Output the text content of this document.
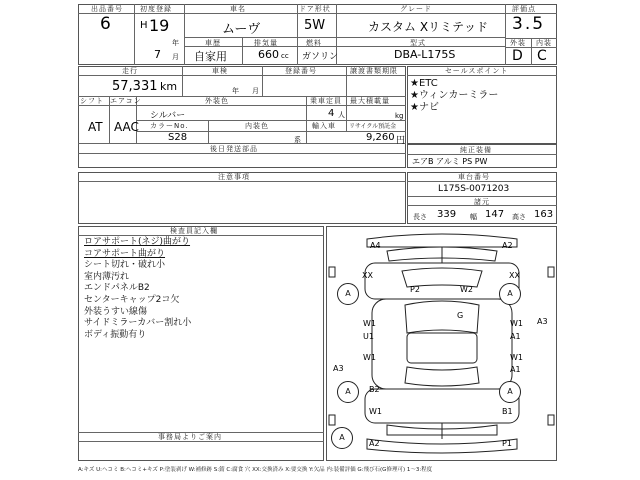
出品番号
6
初度登録
H 19
年
7 月
車名
ムーヴ
ドア形状
5W
グレード
カスタム Xリミテッド
評価点
3.5
車歴
自家用
排気量
660 cc
燃料
ガソリン
型式
DBA-L175S
外装 内装
D C
セールスポイント
★ETC
★ウィンカーミラー
★ナビ
走行
57,331 km
車検
年 月
登録番号	譲渡書類期限
シフト
AT
エアコン
AAC
外装色
シルバー
乗車定員
4 人
最大積載量
kg
カラーNo.
S28
内装色
系
輸入車 リサイクル預託金
9,260 円
後日発送部品	純正装備
エアB アルミ PS PW
注意事項	車台番号
L175S-0071203
諸元
長さ 339 幅 147 高さ 163
検査員記入欄
ロアサポート(ネジ)曲がり
コアサポート曲がり
シート切れ・破れ小
室内薄汚れ
エンドパネルB2
センターキャップ2コ欠
外装うすい線傷
サイドミラーカバー割れ小
ボディ振動有り
事務局よりご案内
A	A
A	A
A
A4	A2
XX	XX
P2	W2
G
W1	W1
U1	A1
A3
A3
W1	W1
A1
B2
B1
W1
A2	P1
A:キズ U:ヘコミ B:ヘコミ+キズ P:塗装剥げ W:補修跡 S:錆 C:腐食 穴 XX:交換済み X:要交換 Y:欠品 内:装備評価 G:飛び石(G修理可) 1〜3:程度
